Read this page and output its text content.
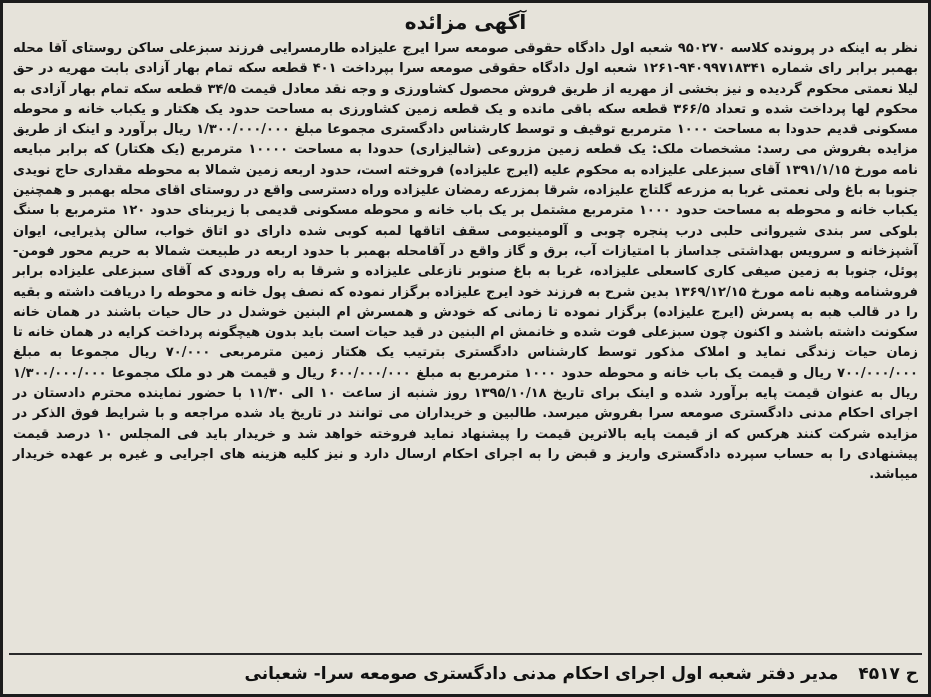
آگهی مزائده
نظر به اینکه در پرونده کلاسه ۹۵۰۲۷۰ شعبه اول دادگاه حقوقی صومعه سرا ایرج علیزاده طارمسرایی فرزند سبزعلی ساکن روستای آقا محله بهمبر برابر رای شماره ۹۴۰۹۹۷۱۸۳۴۱-۱۲۶۱ شعبه اول دادگاه حقوقی صومعه سرا بپرداخت ۴۰۱ قطعه سکه تمام بهار آزادی بابت مهریه در حق لیلا نعمتی محکوم گردیده و نیز بخشی از مهریه از طریق فروش محصول کشاورزی و وجه نقد معادل قیمت ۳۴/۵ قطعه سکه تمام بهار آزادی به محکوم لها پرداخت شده و تعداد ۳۶۶/۵ قطعه سکه باقی مانده و یک قطعه زمین کشاورزی به مساحت حدود یک هکتار و یکباب خانه و محوطه مسکونی قدیم حدودا به مساحت ۱۰۰۰ مترمربع توقیف و توسط کارشناس دادگستری مجموعا مبلغ ۱/۳۰۰/۰۰۰/۰۰۰ ریال برآورد و اینک از طریق مزایده بفروش می رسد: مشخصات ملک: یک قطعه زمین مزروعی (شالیزاری) حدودا به مساحت ۱۰۰۰۰ مترمربع (یک هکتار) که برابر مبایعه نامه مورخ ۱۳۹۱/۱/۱۵ آقای سبزعلی علیزاده به محکوم علیه (ایرج علیزاده) فروخته است، حدود اربعه زمین شمالا به محوطه مقداری حاج نویدی جنوبا به باغ ولی نعمتی غربا به مزرعه گلتاج علیزاده، شرقا بمزرعه رمضان علیزاده وراه دسترسی واقع در روستای اقای محله بهمبر و همچنین یکباب خانه و محوطه به مساحت حدود ۱۰۰۰ مترمربع مشتمل بر یک باب خانه و محوطه مسکونی قدیمی با زیربنای حدود ۱۲۰ مترمربع با سنگ بلوکی سر بندی شیروانی حلبی درب پنجره چوبی و آلومینیومی سقف اتاقها لمبه کوبی شده دارای دو اتاق خواب، سالن پذیرایی، ایوان آشپزخانه و سرویس بهداشتی جداساز با امتیازات آب، برق و گاز واقع در آقامحله بهمبر با حدود اربعه در طبیعت شمالا به حریم محور فومن- پوئل، جنوبا به زمین صیفی کاری کاسعلی علیزاده، غربا به باغ صنوبر نازعلی علیزاده و شرقا به راه ورودی که آقای سبزعلی علیزاده برابر فروشنامه وهبه نامه مورخ ۱۳۶۹/۱۲/۱۵ بدین شرح به فرزند خود ایرج علیزاده برگزار نموده که نصف پول خانه و محوطه را دریافت داشته و بقیه را در قالب هبه به پسرش (ایرج علیزاده) برگزار نموده تا زمانی که خودش و همسرش ام البنین خوشدل در حال حیات باشند در همان خانه سکونت داشته باشند و اکنون چون سبزعلی فوت شده و خانمش ام البنین در قید حیات است باید بدون هیچگونه پرداخت کرایه در همان خانه تا زمان حیات زندگی نماید و املاک مذکور توسط کارشناس دادگستری بترتیب یک هکتار زمین مترمربعی ۷۰/۰۰۰ ریال مجموعا به مبلغ ۷۰۰/۰۰۰/۰۰۰ ریال و قیمت یک باب خانه و محوطه حدود ۱۰۰۰ مترمربع به مبلغ ۶۰۰/۰۰۰/۰۰۰ ریال و قیمت هر دو ملک مجموعا ۱/۳۰۰/۰۰۰/۰۰۰ ریال به عنوان قیمت پایه برآورد شده و اینک برای تاریخ ۱۳۹۵/۱۰/۱۸ روز شنبه از ساعت ۱۰ الی ۱۱/۳۰ با حضور نماینده محترم دادستان در اجرای احکام مدنی دادگستری صومعه سرا بفروش میرسد. طالبین و خریداران می توانند در تاریخ یاد شده مراجعه و با شرایط فوق الذکر در مزایده شرکت کنند هرکس که از قیمت پایه بالاترین قیمت را پیشنهاد نماید فروخته خواهد شد و خریدار باید فی المجلس ۱۰ درصد قیمت پیشنهادی را به حساب سپرده دادگستری واریز و قبض را به اجرای احکام ارسال دارد و نیز کلیه هزینه های اجرایی و غیره بر عهده خریدار میباشد.
ح ۴۵۱۷ مدیر دفتر شعبه اول اجرای احکام مدنی دادگستری صومعه سرا- شعبانی
